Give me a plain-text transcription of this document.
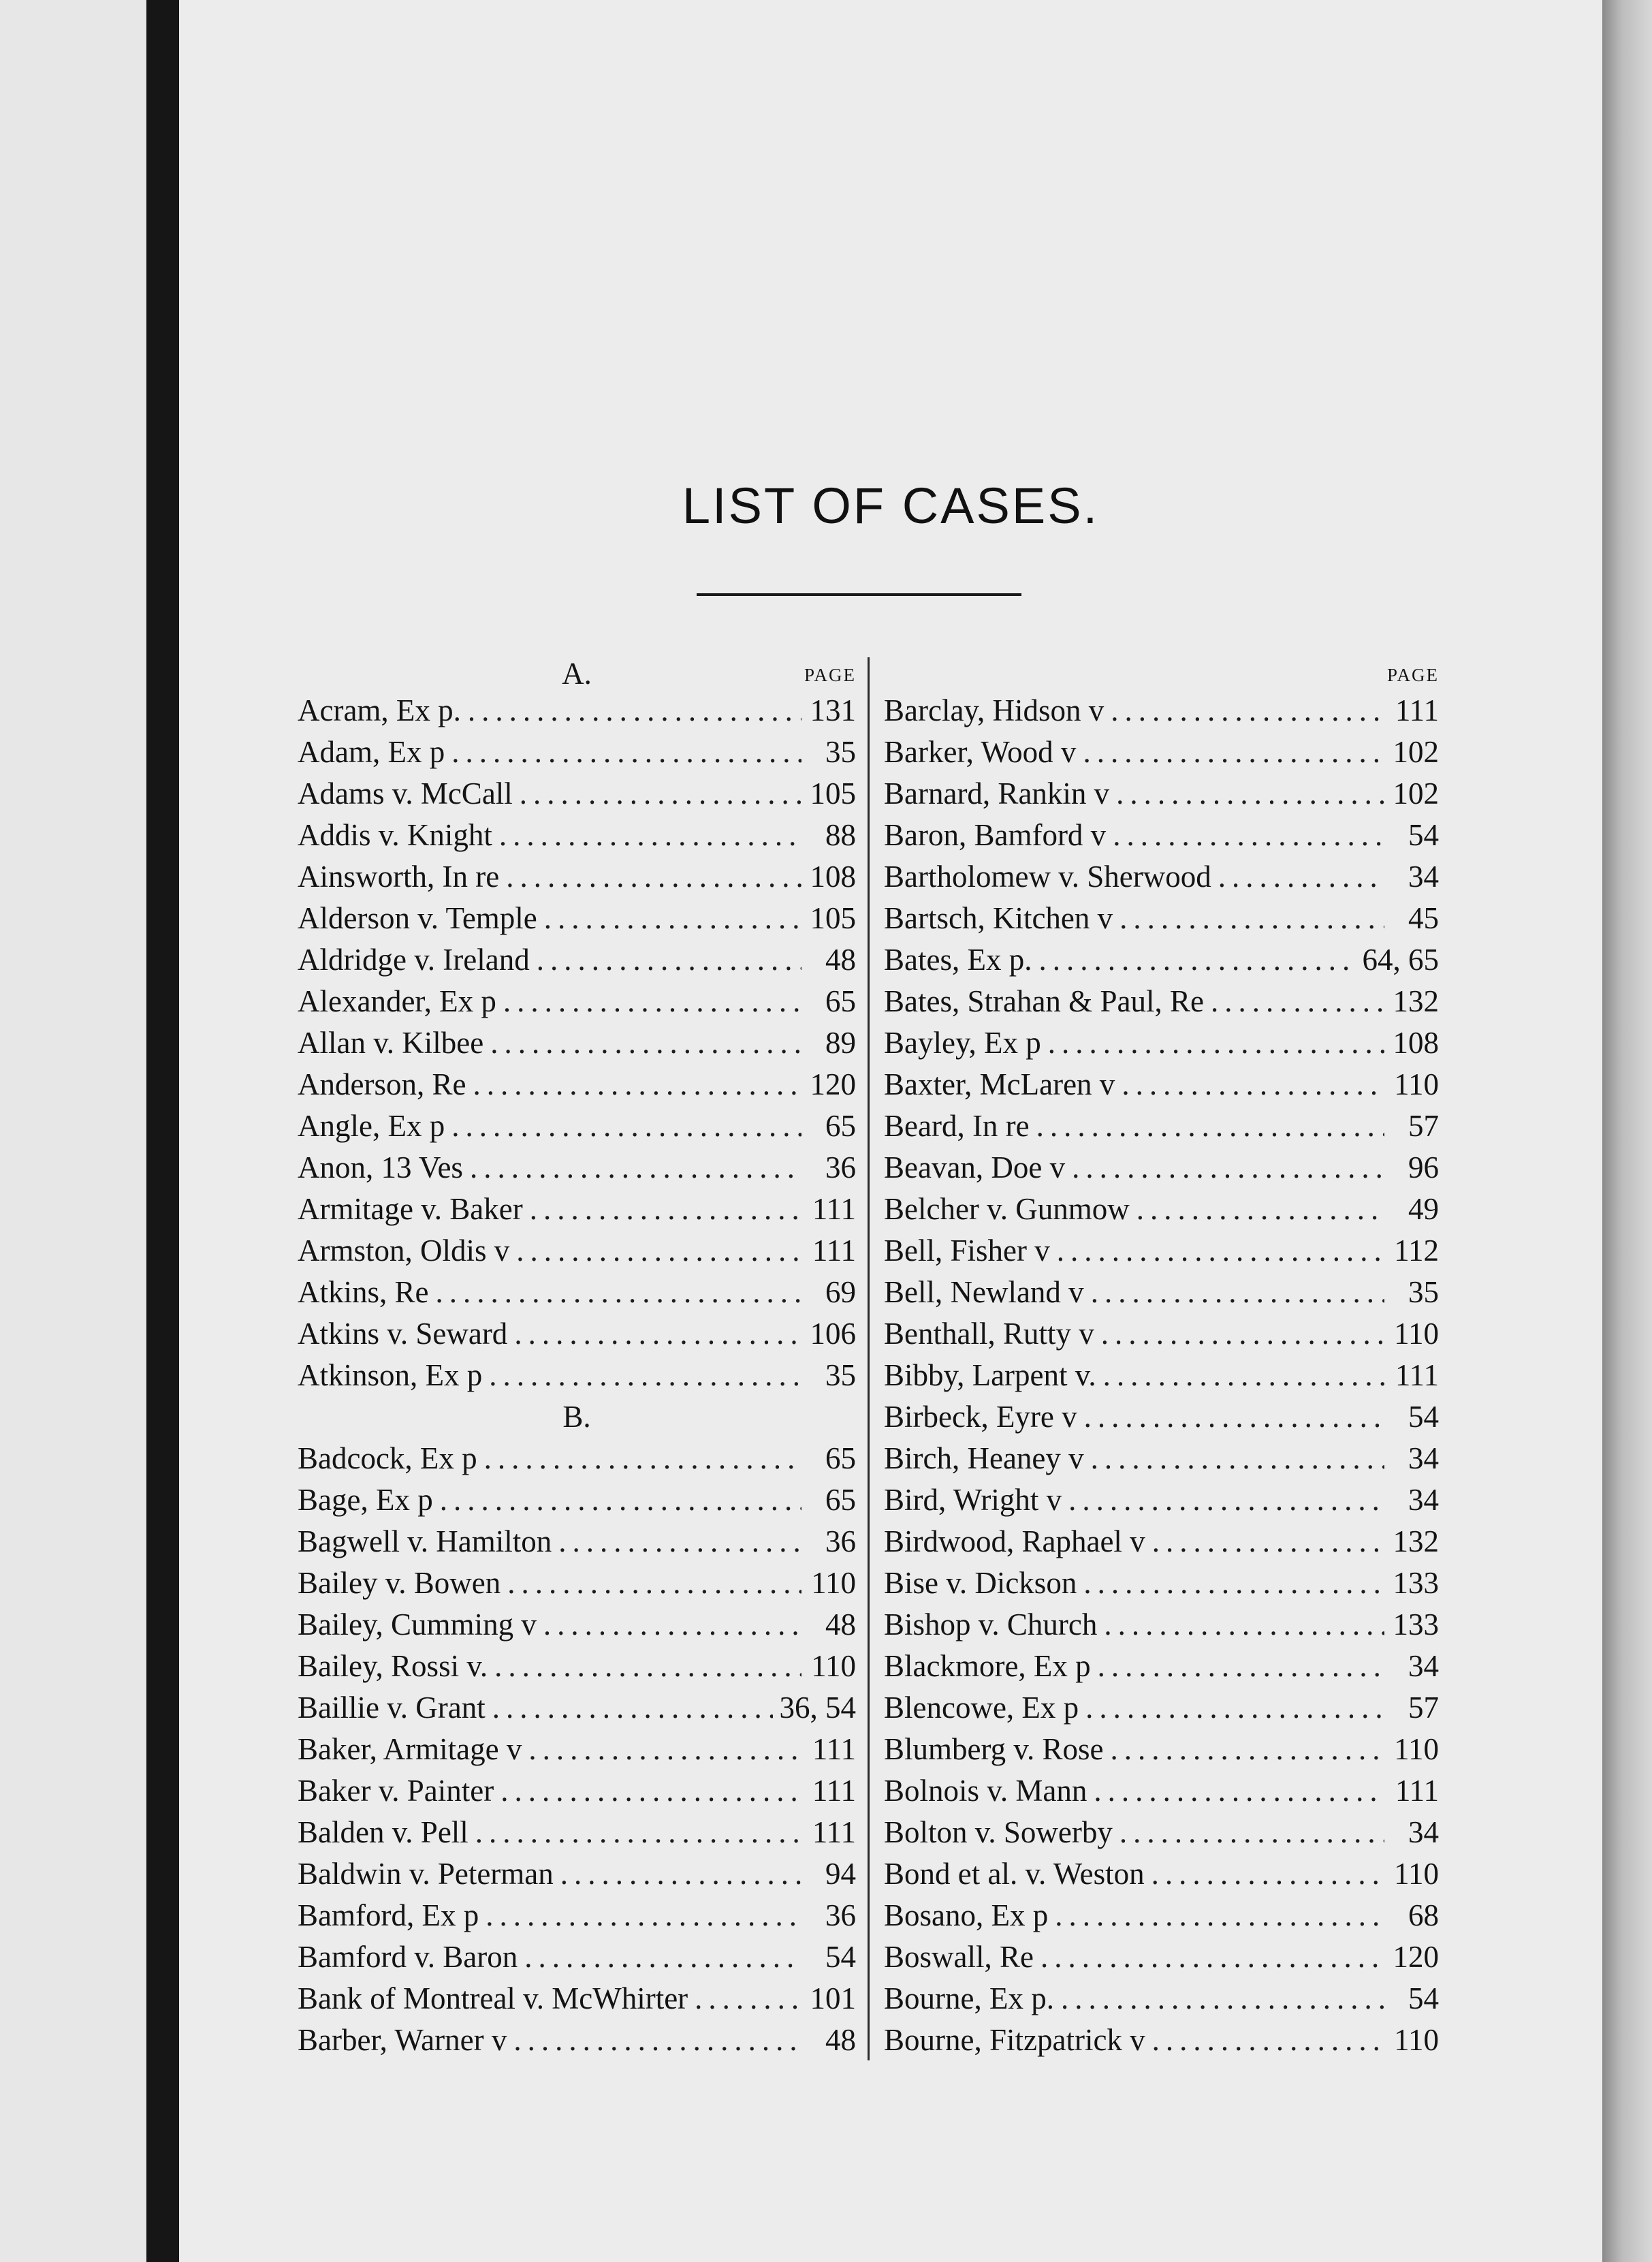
LIST OF CASES.
A.	PAGE
Acram, Ex p. .....	131
Adam, Ex p .....	35
Adams v. McCall .....	105
Addis v. Knight .....	88
Ainsworth, In re .....	108
Alderson v. Temple .....	105
Aldridge v. Ireland .....	48
Alexander, Ex p .....	65
Allan v. Kilbee .....	89
Anderson, Re .....	120
Angle, Ex p .....	65
Anon, 13 Ves .....	36
Armitage v. Baker .....	111
Armston, Oldis v .....	111
Atkins, Re .....	69
Atkins v. Seward .....	106
Atkinson, Ex p .....	35
B.
Badcock, Ex p .....	65
Bage, Ex p .....	65
Bagwell v. Hamilton .....	36
Bailey v. Bowen .....	110
Bailey, Cumming v .....	48
Bailey, Rossi v. .....	110
Baillie v. Grant .....	36, 54
Baker, Armitage v .....	111
Baker v. Painter .....	111
Balden v. Pell .....	111
Baldwin v. Peterman .....	94
Bamford, Ex p .....	36
Bamford v. Baron .....	54
Bank of Montreal v. McWhirter .....	101
Barber, Warner v .....	48
PAGE
Barclay, Hidson v .....	111
Barker, Wood v .....	102
Barnard, Rankin v .....	102
Baron, Bamford v .....	54
Bartholomew v. Sherwood .....	34
Bartsch, Kitchen v .....	45
Bates, Ex p. .....	64, 65
Bates, Strahan & Paul, Re .....	132
Bayley, Ex p .....	108
Baxter, McLaren v .....	110
Beard, In re .....	57
Beavan, Doe v .....	96
Belcher v. Gunmow .....	49
Bell, Fisher v .....	112
Bell, Newland v .....	35
Benthall, Rutty v .....	110
Bibby, Larpent v. .....	111
Birbeck, Eyre v .....	54
Birch, Heaney v .....	34
Bird, Wright v .....	34
Birdwood, Raphael v .....	132
Bise v. Dickson .....	133
Bishop v. Church .....	133
Blackmore, Ex p .....	34
Blencowe, Ex p .....	57
Blumberg v. Rose .....	110
Bolnois v. Mann .....	111
Bolton v. Sowerby .....	34
Bond et al. v. Weston .....	110
Bosano, Ex p .....	68
Boswall, Re .....	120
Bourne, Ex p. .....	54
Bourne, Fitzpatrick v .....	110
